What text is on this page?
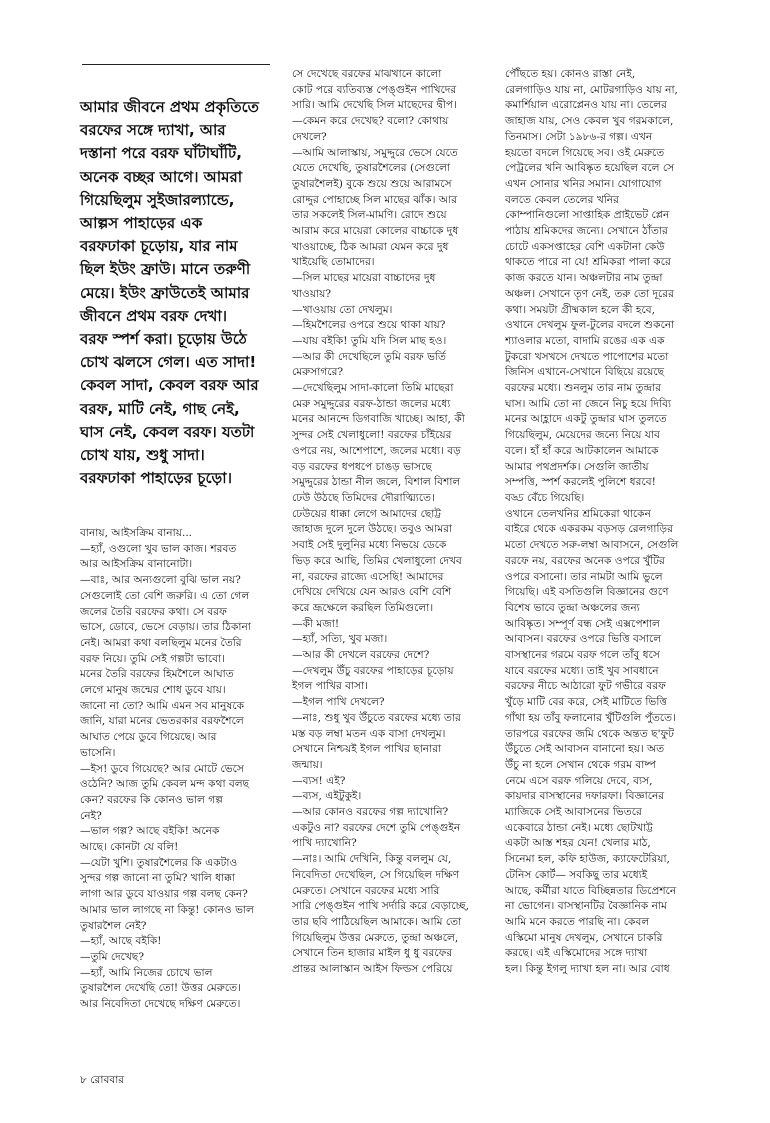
আমার জীবনে প্রথম প্রকৃতিতে
বরফের সঙ্গে দ্যাখা, আর
দস্তানা পরে বরফ ঘাঁটাঘাঁটি,
অনেক বচ্ছর আগে। আমরা
গিয়েছিলুম সুইজারল্যান্ডে,
আল্পস পাহাড়ের এক
বরফঢাকা চূড়োয়, যার নাম
ছিল ইউং ফ্রাউ। মানে তরুণী
মেয়ে। ইউং ফ্রাউতেই আমার
জীবনে প্রথম বরফ দেখা।
বরফ স্পর্শ করা। চূড়োয় উঠে
চোখ ঝলসে গেল। এত সাদা!
কেবল সাদা, কেবল বরফ আর
বরফ, মাটি নেই, গাছ নেই,
ঘাস নেই, কেবল বরফ। যতটা
চোখ যায়, শুধু সাদা।
বরফঢাকা পাহাড়ের চূড়ো।
বানায়, আইসক্রিম বানায়...
—হ্যাঁ, ওগুলো খুব ভাল কাজ। শরবত
আর আইসক্রিম বানানোটা।
—বাঃ, আর অন্যগুলো বুঝি ভাল নয়?
সেগুলোই তো বেশি জরুরি। এ তো গেল
জলের তৈরি বরফের কথা। সে বরফ
ভাসে, ডোবে, ভেসে বেড়ায়। তার ঠিকানা
নেই। আমরা কথা বলছিলুম মনের তৈরি
বরফ নিয়ে। তুমি সেই গল্পটা ভাবো।
মনের তৈরি বরফের হিমশৈলে আঘাত
লেগে মানুষ জন্মের শোধ ডুবে যায়।
জানো না তো? আমি এমন সব মানুষকে
জানি, যারা মনের ভেতরকার বরফশৈলে
আঘাত পেয়ে ডুবে গিয়েছে। আর
ভাসেনি।
—ইস! ডুবে গিয়েছে? আর মোটে ভেসে
ওঠেনি? আজ তুমি কেবল মন্দ কথা বলছ
কেন? বরফের কি কোনও ভাল গল্প
নেই?
—ভাল গল্প? আছে বইকি! অনেক
আছে। কোনটা যে বলি!
—যেটা খুশি। তুষারশৈলের কি একটাও
সুন্দর গল্প জানো না তুমি? খালি ধাক্কা
লাগা আর ডুবে যাওয়ার গল্প বলছ কেন?
আমার ভাল লাগছে না কিন্তু! কোনও ভাল
তুষারশৈল নেই?
—হ্যাঁ, আছে বইকি!
—তুমি দেখেছ?
—হ্যাঁ, আমি নিজের চোখে ভাল
তুষারশৈল দেখেছি তো! উত্তর মেরুতে।
আর নিবেদিতা দেখেছে দক্ষিণ মেরুতে।
সে দেখেছে বরফের মাঝখানে কালো
কোট পরে ব্যতিব্যস্ত পেঙ্গুইন পাখিদের
সারি। আমি দেখেছি সিল মাছেদের দ্বীপ।
—কেমন করে দেখেছ? বলো? কোথায়
দেখলে?
—আমি আলাস্কায়, সমুদ্দুরে ভেসে যেতে
যেতে দেখেছি, তুষারশৈলের (সেগুলো
তুষারশৈলই) বুকে শুয়ে শুয়ে আরামসে
রোদ্দুর পোহাচ্ছে সিল মাছের ঝাঁক। আর
তার সকলেই সিল-মামণি। রোদে শুয়ে
আরাম করে মায়েরা কোলের বাচ্চাকে দুধ
খাওয়াচ্ছে, ঠিক আমরা যেমন করে দুধ
খাইয়েছি তোমাদের।
—সিল মাছের মায়েরা বাচ্চাদের দুধ
খাওয়ায়?
—খাওয়ায় তো দেখলুম।
—হিমশৈলের ওপরে শুয়ে থাকা যায়?
—যায় বইকি! তুমি যদি সিল মাছ হও।
—আর কী দেখেছিলে তুমি বরফ ভর্তি
মেরুসাগরে?
—দেখেছিলুম সাদা-কালো তিমি মাছেরা
মেরু সমুদ্দুরের বরফ-ঠান্ডা জলের মধ্যে
মনের আনন্দে ডিগবাজি খাচ্ছে। আহা, কী
সুন্দর সেই খেলাধুলো! বরফের চাঁইয়ের
ওপরে নয়, আশেপাশে, জলের মধ্যে। বড়
বড় বরফের ধপধপে চাঙড় ভাসছে
সমুদ্দুরের ঠান্ডা নীল জলে, বিশাল বিশাল
ঢেউ উঠছে তিমিদের দৌরাত্ম্যিতে।
ঢেউয়ের ধাক্কা লেগে আমাদের ছোট্ট
জাহাজ দুলে দুলে উঠছে। তবুও আমরা
সবাই সেই দুলুনির মধ্যে নিভয়ে ডেকে
ভিড় করে আছি, তিমির খেলাধুলো দেখব
না, বরফের রাজ্যে এসেছি! আমাদের
দেখিয়ে দেখিয়ে যেন আরও বেশি বেশি
করে ভ্রূক্ষেলে করছিল তিমিগুলো।
—কী মজা!
—হ্যাঁ, সত্যি, খুব মজা।
—আর কী দেখলে বরফের দেশে?
—দেখলুম উঁচু বরফের পাহাড়ের চূড়োয়
ইগল পাখির বাসা।
—ইগল পাখি দেখলে?
—নাঃ, শুধু খুব উঁচুতে বরফের মধ্যে তার
মস্ত বড় লম্বা মতন এক বাসা দেখলুম।
সেখানে নিশ্চয়ই ইগল পাখির ছানারা
জন্মায়।
—ব্যস! এই?
—ব্যস, এইটুকুই।
—আর কোনও বরফের গল্প দ্যাখোনি?
একটুও না? বরফের দেশে তুমি পেঙ্গুইন
পাখি দ্যাখোনি?
—নাঃ। আমি দেখিনি, কিন্তু বললুম যে,
নিবেদিতা দেখেছিল, সে গিয়েছিল দক্ষিণ
মেরুতে। সেখানে বরফের মধ্যে সারি
সারি পেঙ্গুইন পাখি সর্দারি করে বেড়াচ্ছে,
তার ছবি পাঠিয়েছিল আমাকে। আমি তো
গিয়েছিলুম উত্তর মেরুতে, তুন্দ্রা অঞ্চলে,
সেখানে তিন হাজার মাইল ধু ধু বরফের
প্রান্তর আলাস্কান আইস ফিল্ডস পেরিয়ে
পৌঁছতে হয়। কোনও রাস্তা নেই,
রেলগাড়িও যায় না, মোটরগাড়িও যায় না,
কমার্শিয়াল এরোপ্লেনও যায় না। তেলের
জাহাজ যায়, সেও কেবল খুব গরমকালে,
তিনমাস। সেটা ১৯৮৬-র গল্প। এখন
হয়তো বদলে গিয়েছে সব। ওই মেরুতে
পেট্রলের খনি আবিষ্কৃত হয়েছিল বলে সে
এখন সোনার খনির সমান। যোগাযোগ
বলতে কেবল তেলের খনির
কোম্পানিগুলো সাপ্তাহিক প্রাইভেট প্লেন
পাঠায় শ্রমিকদের জন্যে। সেখানে ঠাঁতার
চোটে একসপ্তাহের বেশি একটানা কেউ
থাকতে পারে না যে! শ্রমিকরা পালা করে
কাজ করতে যান। অঞ্চলটার নাম তুন্দ্রা
অঞ্চল। সেখানে তৃণ নেই, তরু তো দূরের
কথা। সময়টা গ্রীষ্মকাল হলে কী হবে,
ওখানে দেখলুম ফুল-টুলের বদলে শুকনো
শ্যাওলার মতো, বাদামি রঙের এক এক
টুকরো খসখসে দেখতে পাপোশের মতো
জিনিস এখানে-সেখানে বিছিয়ে রয়েছে
বরফের মধ্যে। শুনলুম তার নাম তুন্দ্রার
ঘাস। আমি তো না জেনে নিচু হয়ে দিব্যি
মনের আহ্লাদে একটু তুন্দ্রার ঘাস তুলতে
গিয়েছিলুম, মেয়েদের জন্যে নিয়ে যাব
বলে। হাঁ হাঁ করে আটকালেন আমাকে
আমার পথপ্রদর্শক। সেগুলি জাতীয়
সম্পত্তি, স্পর্শ করলেই পুলিশে ধরবে!
বড্ড বেঁচে গিয়েছি।
ওখানে তেলখনির শ্রমিকেরা থাকেন
বাইরে থেকে একরকম বড়সড় রেলগাড়ির
মতো দেখতে সরু-লম্বা আবাসনে, সেগুলি
বরফে নয়, বরফের অনেক ওপরে খুঁটির
ওপরে বসানো। তার নামটা আমি ভুলে
গিয়েছি। এই বসতিগুলি বিজ্ঞানের গুণে
বিশেষ ভাবে তুন্দ্রা অঞ্চলের জন্য
আবিষ্কৃত। সম্পূর্ণ বন্ধ সেই এক্সপেশাল
আবাসন। বরফের ওপরে ভিত্তি বসালে
বাসস্থানের গরমে বরফ গলে তাঁবু ধসে
যাবে বরফের মধ্যে। তাই খুব সাবধানে
বরফের নীচে আঠারো ফুট গভীরে বরফ
খুঁড়ে মাটি বের করে, সেই মাটিতে ভিত্তি
গাঁথা হয় তাঁবু ফলানোর খুঁটিগুলি পুঁততে।
তারপরে বরফের জমি থেকে অন্তত ছ'ফুট
উঁচুতে সেই আবাসন বানানো হয়। অত
উঁচু না হলে সেখান থেকে গরম বাষ্প
নেমে এসে বরফ গলিয়ে দেবে, ব্যস,
কায়দার বাসস্থানের দফারফা। বিজ্ঞানের
ম্যাজিকে সেই আবাসনের ভিতরে
একেবারে ঠান্ডা নেই। মধ্যে ছোটখাট্ট
একটা আস্ত শহর যেন! খেলার মাঠ,
সিনেমা হল, কফি হাউজ, ক্যাফেটেরিয়া,
টেনিস কোর্ট— সবকিছু তার মধ্যেই
আছে, কর্মীরা যাতে বিচ্ছিন্নতার ডিপ্রেশনে
না ভোগেন। বাসস্থানটির বৈজ্ঞানিক নাম
আমি মনে করতে পারছি না। কেবল
এস্কিমো মানুষ দেখলুম, সেখানে চাকরি
করছে। এই এস্কিমোদের সঙ্গে দ্যাখা
হল। কিন্তু ইগলু দ্যাখা হল না। আর বোধ
৮ রোববার
